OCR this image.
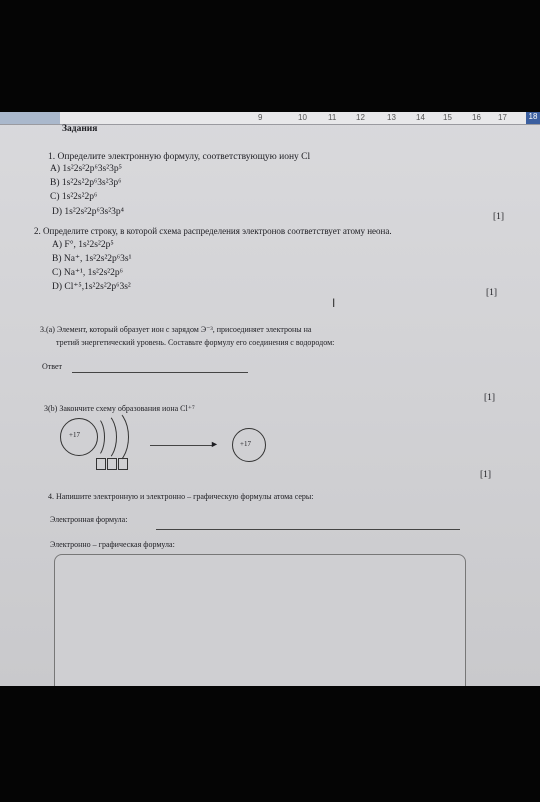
9	10	11 12	13	14 15	16 17	18
Задания
1. Определите электронную формулу, соответствующую иону Cl
A) 1s²2s²2p⁶3s²3p⁵
B) 1s²2s²2p⁶3s²3p⁶
C) 1s²2s²2p⁶
D) 1s²2s²2p⁶3s²3p⁴	[1]
2. Определите строку, в которой схема распределения электронов соответствует атому неона.
A) F°, 1s²2s²2p⁵
B) Na⁺, 1s²2s²2p⁶3s¹
C) Na⁺¹, 1s²2s²2p⁶
D) Cl⁺⁵,1s²2s²2p⁶3s²
[1]
I
3.(a) Элемент, который образует ион с зарядом Э⁻³, присоединяет электроны на
третий энергетический уровень. Составьте формулу его соединения с водородом:
Ответ
[1]
3(b) Закончите схему образования иона Cl⁺⁷
+17
►	+17
[1]
4. Напишите электронную и электронно – графическую формулы атома серы:
Электронная формула:
Электронно – графическая формула:
